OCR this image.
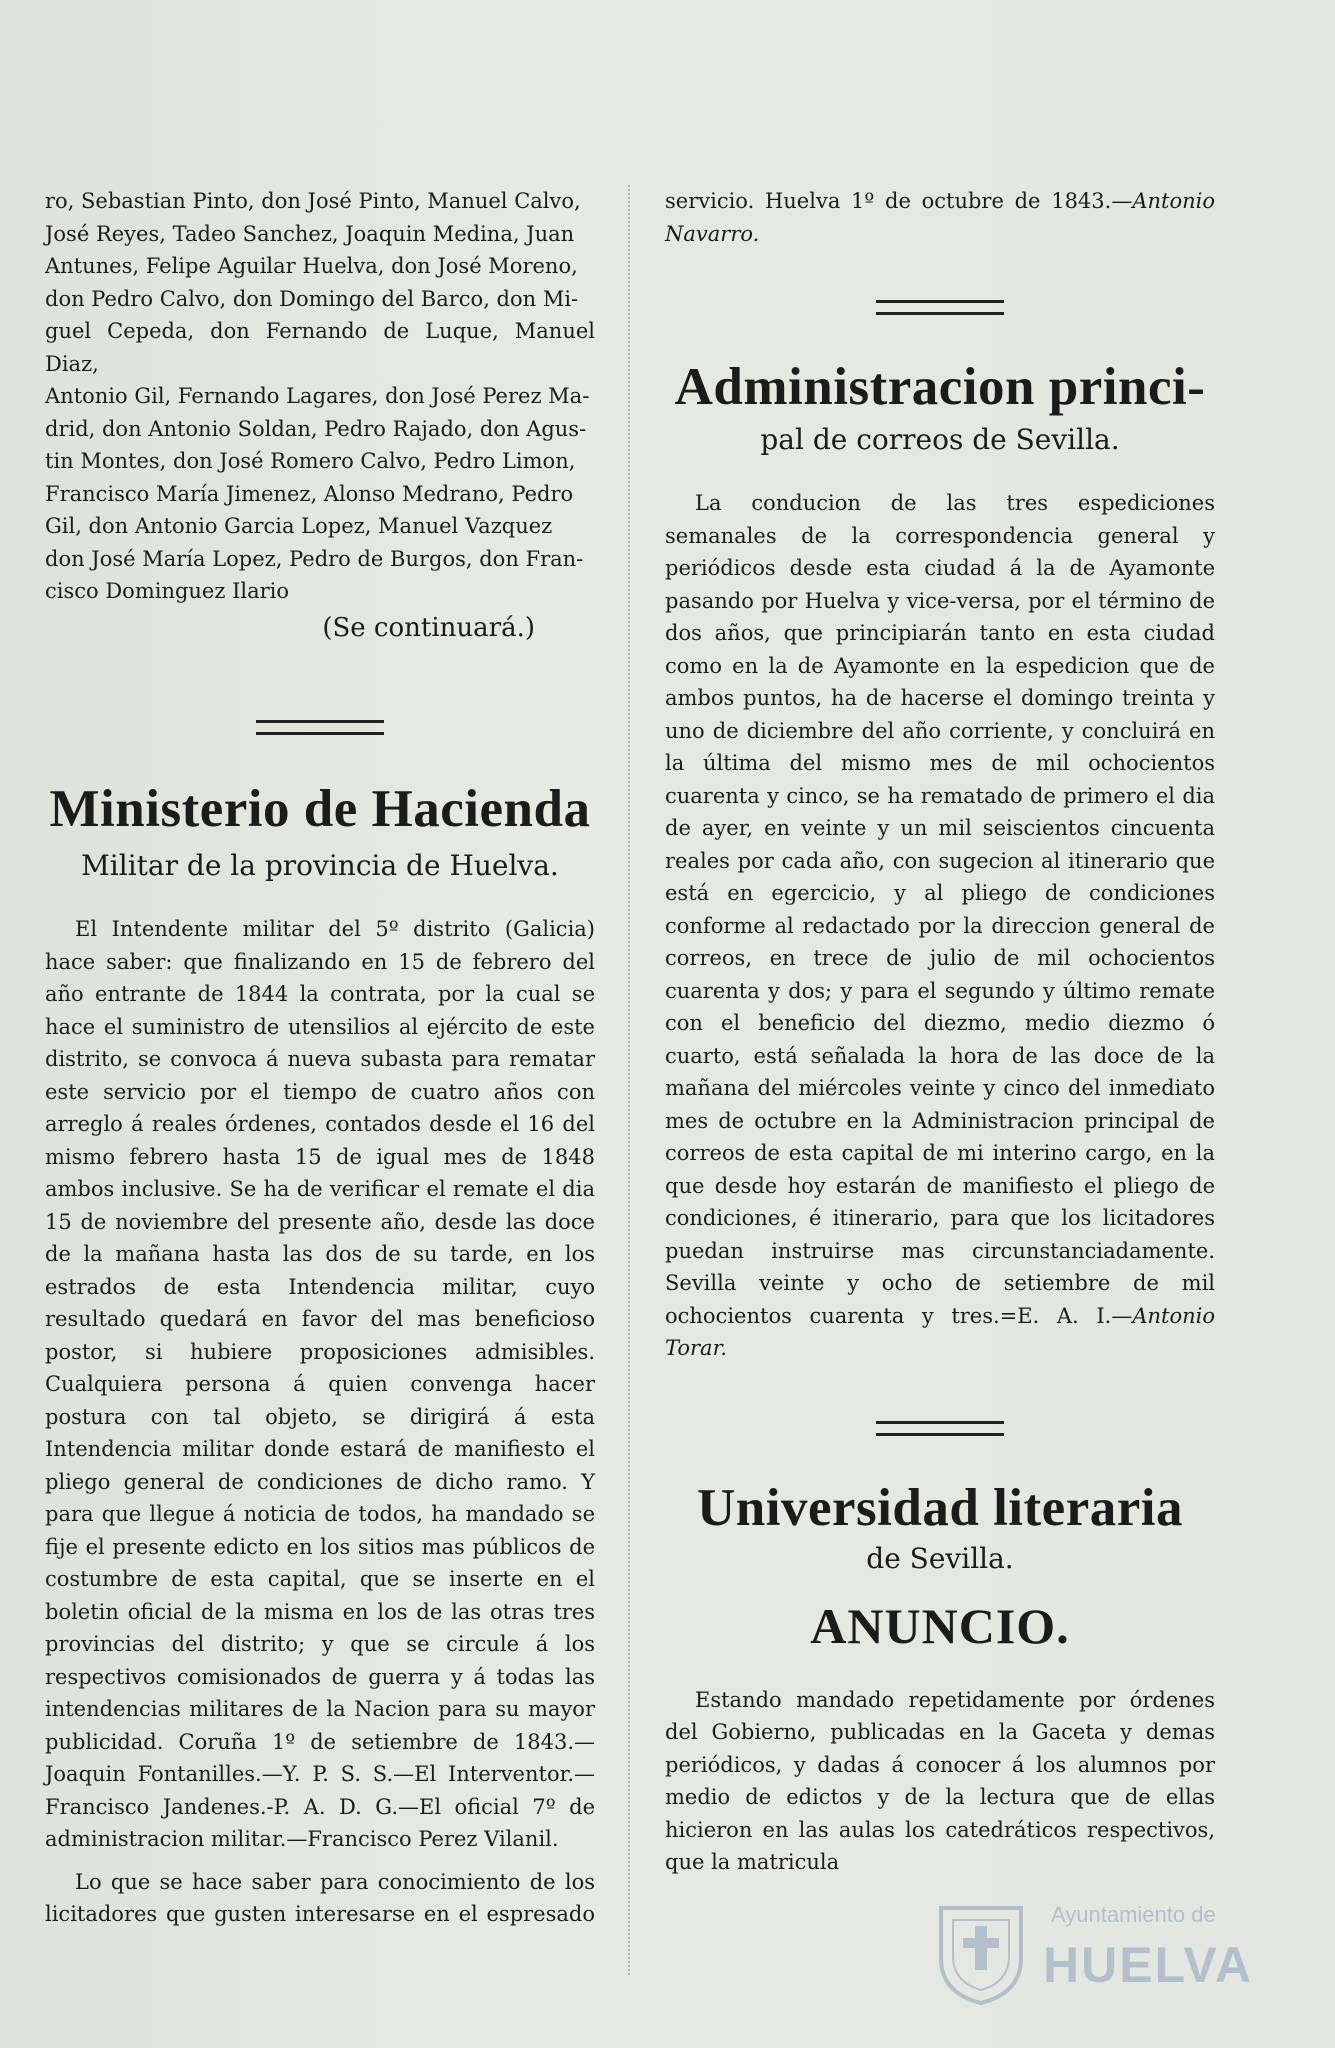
ro, Sebastian Pinto, don José Pinto, Manuel Calvo,

José Reyes, Tadeo Sanchez, Joaquin Medina, Juan

Antunes, Felipe Aguilar Huelva, don José Moreno,

don Pedro Calvo, don Domingo del Barco, don Mi-

guel Cepeda, don Fernando de Luque, Manuel Diaz,

Antonio Gil, Fernando Lagares, don José Perez Ma-

drid, don Antonio Soldan, Pedro Rajado, don Agus-

tin Montes, don José Romero Calvo, Pedro Limon,

Francisco María Jimenez, Alonso Medrano, Pedro

Gil, don Antonio Garcia Lopez, Manuel Vazquez

don José María Lopez, Pedro de Burgos, don Fran-

cisco Dominguez Ilario

(Se continuará.)

Ministerio de Hacienda

Militar de la provincia de Huelva.

El Intendente militar del 5º distrito (Galicia) hace saber: que finalizando en 15 de febrero del año entrante de 1844 la contrata, por la cual se hace el suministro de utensilios al ejército de este distrito, se convoca á nueva subasta para rematar este servicio por el tiempo de cuatro años con arreglo á reales órdenes, contados desde el 16 del mismo febrero hasta 15 de igual mes de 1848 ambos inclusive. Se ha de verificar el remate el dia 15 de noviembre del presente año, desde las doce de la mañana hasta las dos de su tarde, en los estrados de esta Intendencia militar, cuyo resultado quedará en favor del mas beneficioso postor, si hubiere proposiciones admisibles. Cualquiera persona á quien convenga hacer postura con tal objeto, se dirigirá á esta Intendencia militar donde estará de manifiesto el pliego general de condiciones de dicho ramo. Y para que llegue á noticia de todos, ha mandado se fije el presente edicto en los sitios mas públicos de costumbre de esta capital, que se inserte en el boletin oficial de la misma en los de las otras tres provincias del distrito; y que se circule á los respectivos comisionados de guerra y á todas las intendencias militares de la Nacion para su mayor publicidad. Coruña 1º de setiembre de 1843.—Joaquin Fontanilles.—Y. P. S. S.—El Interventor.—Francisco Jandenes.-P. A. D. G.—El oficial 7º de administracion militar.—Francisco Perez Vilanil.

Lo que se hace saber para conocimiento de los licitadores que gusten interesarse en el espresado

servicio. Huelva 1º de octubre de 1843.—Antonio Navarro.

Administracion princi-

pal de correos de Sevilla.

La conducion de las tres espediciones semanales de la correspondencia general y periódicos desde esta ciudad á la de Ayamonte pasando por Huelva y vice-versa, por el término de dos años, que principiarán tanto en esta ciudad como en la de Ayamonte en la espedicion que de ambos puntos, ha de hacerse el domingo treinta y uno de diciembre del año corriente, y concluirá en la última del mismo mes de mil ochocientos cuarenta y cinco, se ha rematado de primero el dia de ayer, en veinte y un mil seiscientos cincuenta reales por cada año, con sugecion al itinerario que está en egercicio, y al pliego de condiciones conforme al redactado por la direccion general de correos, en trece de julio de mil ochocientos cuarenta y dos; y para el segundo y último remate con el beneficio del diezmo, medio diezmo ó cuarto, está señalada la hora de las doce de la mañana del miércoles veinte y cinco del inmediato mes de octubre en la Administracion principal de correos de esta capital de mi interino cargo, en la que desde hoy estarán de manifiesto el pliego de condiciones, é itinerario, para que los licitadores puedan instruirse mas circunstanciadamente. Sevilla veinte y ocho de setiembre de mil ochocientos cuarenta y tres.=E. A. I.—Antonio Torar.

Universidad literaria

de Sevilla.

ANUNCIO.

Estando mandado repetidamente por órdenes del Gobierno, publicadas en la Gaceta y demas periódicos, y dadas á conocer á los alumnos por medio de edictos y de la lectura que de ellas hicieron en las aulas los catedráticos respectivos, que la matricula

Ayuntamiento de
HUELVA
